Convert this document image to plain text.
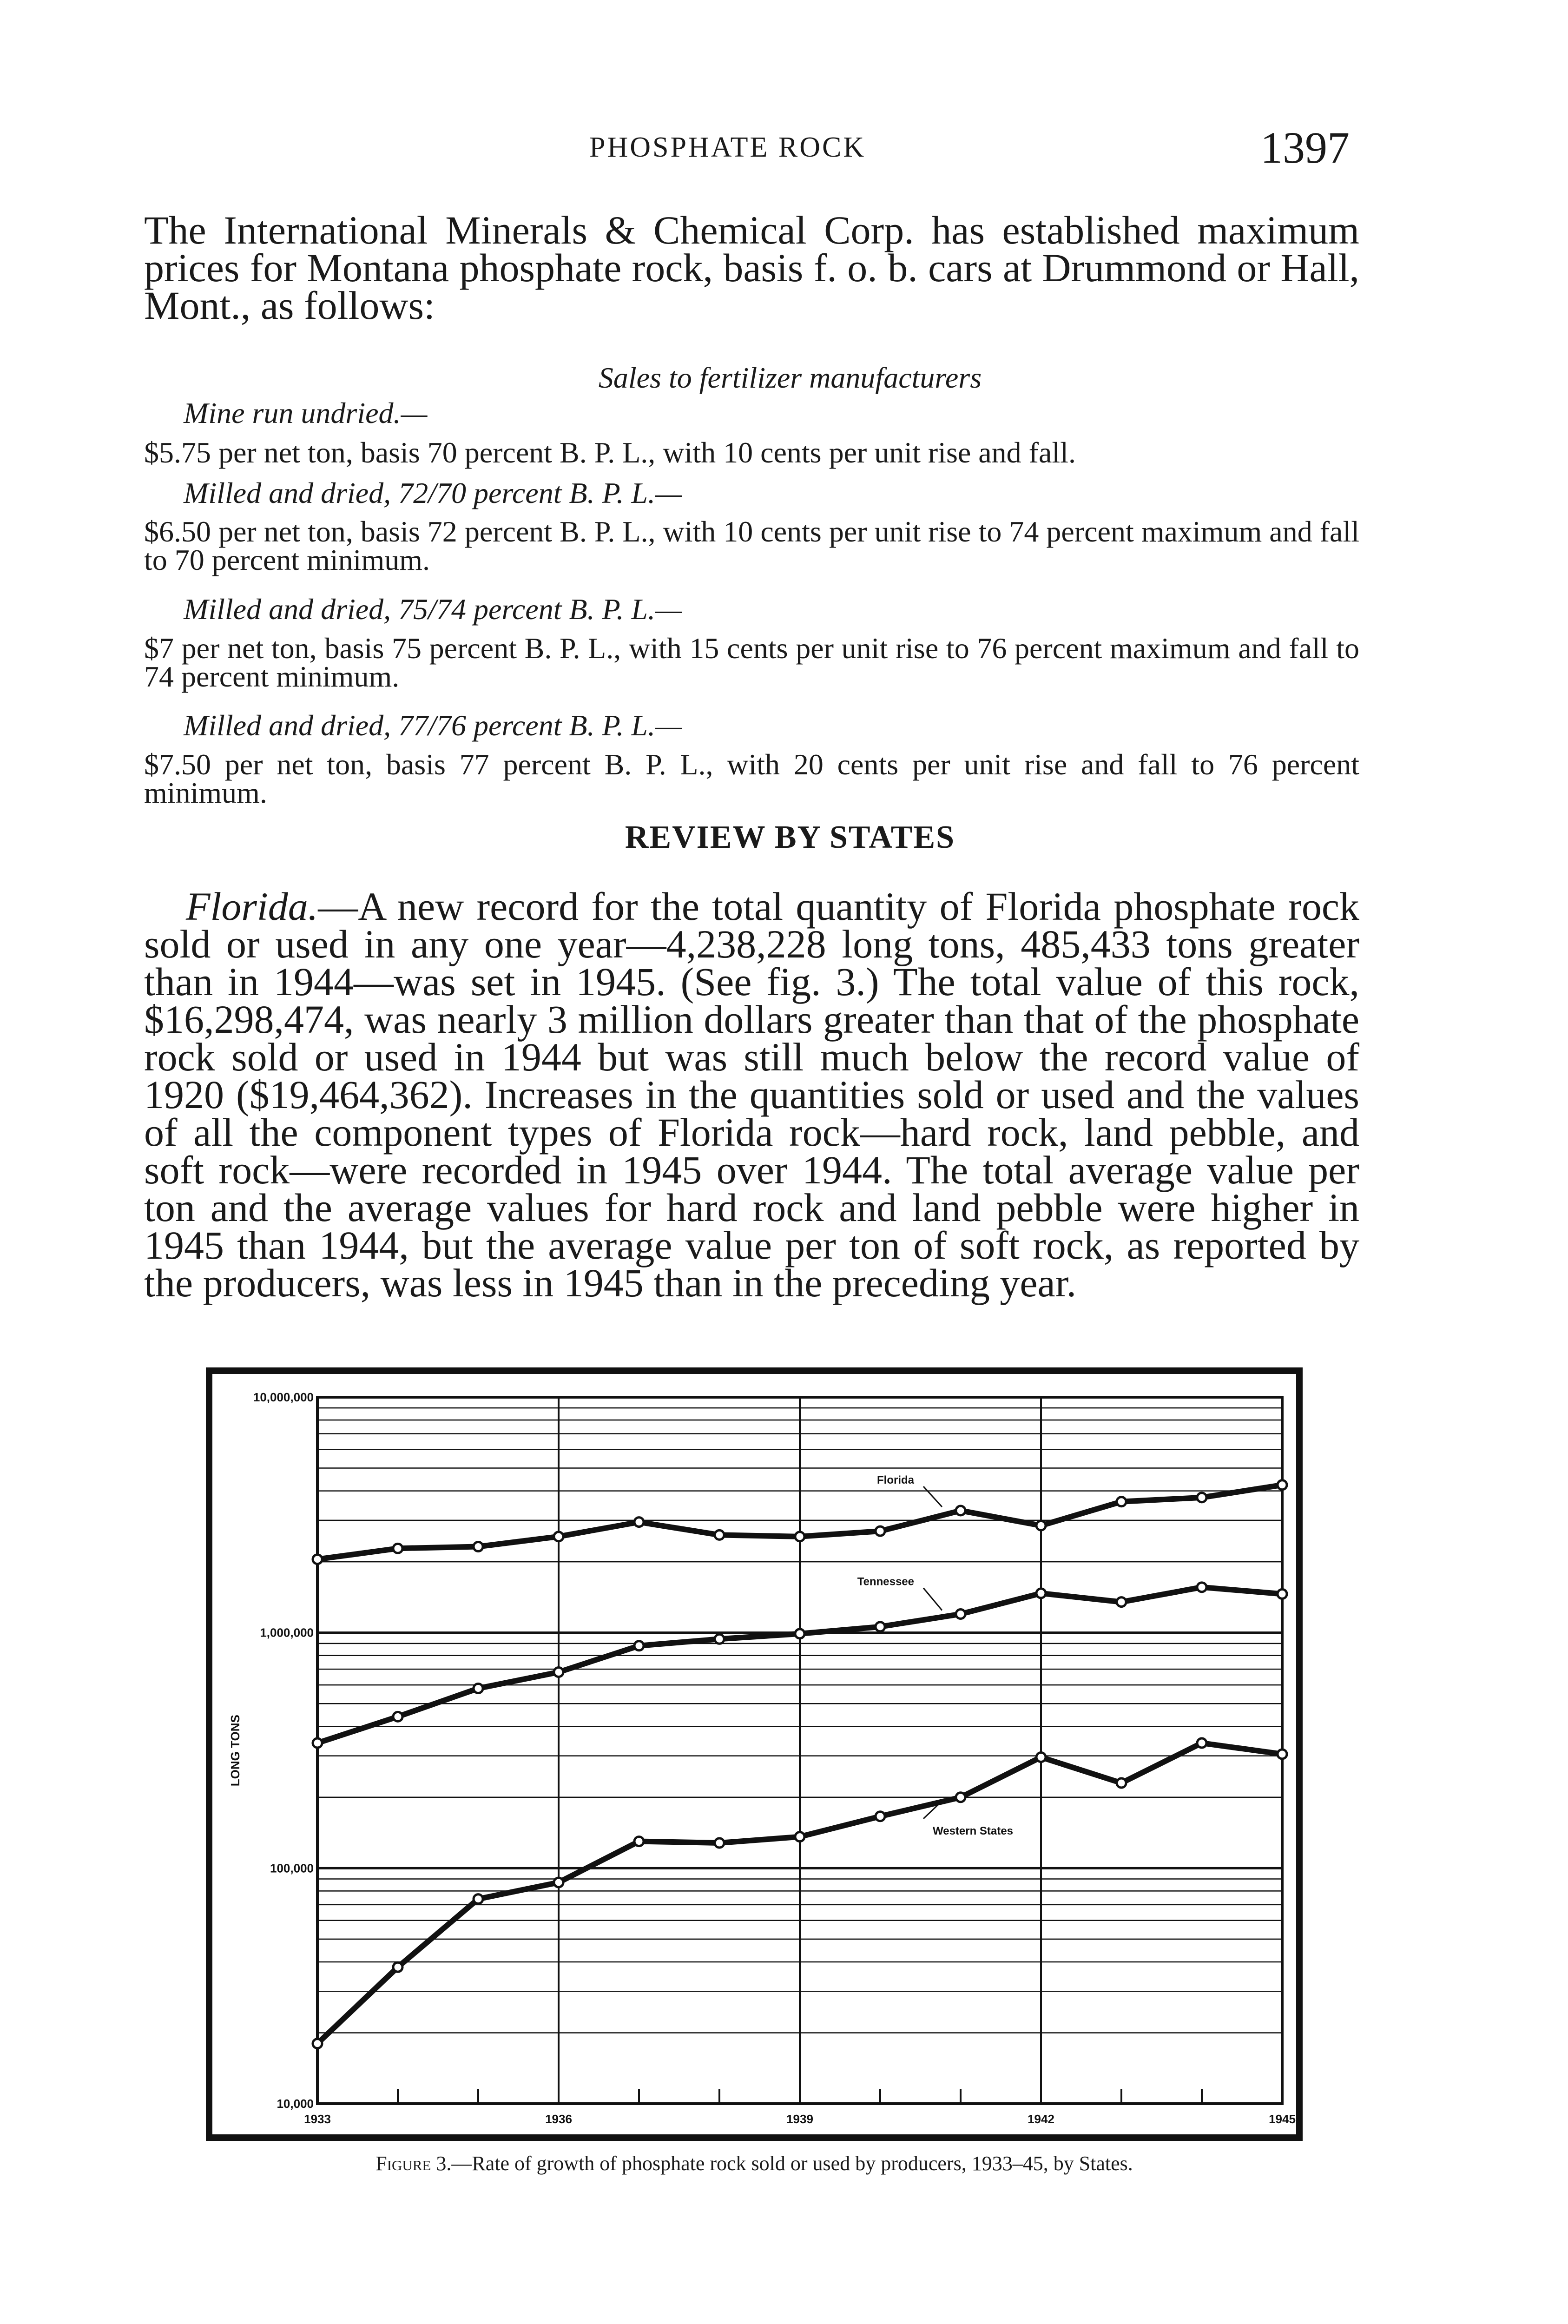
PHOSPHATE ROCK	1397
The International Minerals & Chemical Corp. has established maximum prices for Montana phosphate rock, basis f. o. b. cars at Drummond or Hall, Mont., as follows:
Sales to fertilizer manufacturers
Mine run undried.—
$5.75 per net ton, basis 70 percent B. P. L., with 10 cents per unit rise and fall.
Milled and dried, 72/70 percent B. P. L.—
$6.50 per net ton, basis 72 percent B. P. L., with 10 cents per unit rise to 74 percent maximum and fall to 70 percent minimum.
Milled and dried, 75/74 percent B. P. L.—
$7 per net ton, basis 75 percent B. P. L., with 15 cents per unit rise to 76 percent maximum and fall to 74 percent minimum.
Milled and dried, 77/76 percent B. P. L.—
$7.50 per net ton, basis 77 percent B. P. L., with 20 cents per unit rise and fall to 76 percent minimum.
REVIEW BY STATES
Florida.—A new record for the total quantity of Florida phosphate rock sold or used in any one year—4,238,228 long tons, 485,433 tons greater than in 1944—was set in 1945. (See fig. 3.) The total value of this rock, $16,298,474, was nearly 3 million dollars greater than that of the phosphate rock sold or used in 1944 but was still much below the record value of 1920 ($19,464,362). Increases in the quantities sold or used and the values of all the component types of Florida rock—hard rock, land pebble, and soft rock—were recorded in 1945 over 1944. The total average value per ton and the average values for hard rock and land pebble were higher in 1945 than 1944, but the average value per ton of soft rock, as reported by the producers, was less in 1945 than in the preceding year.
1933	1936	1939	1942	1945
10,000
100,000
1,000,000
10,000,000
LONG TONS
Florida
Tennessee
Western States
Figure 3.—Rate of growth of phosphate rock sold or used by producers, 1933–45, by States.
